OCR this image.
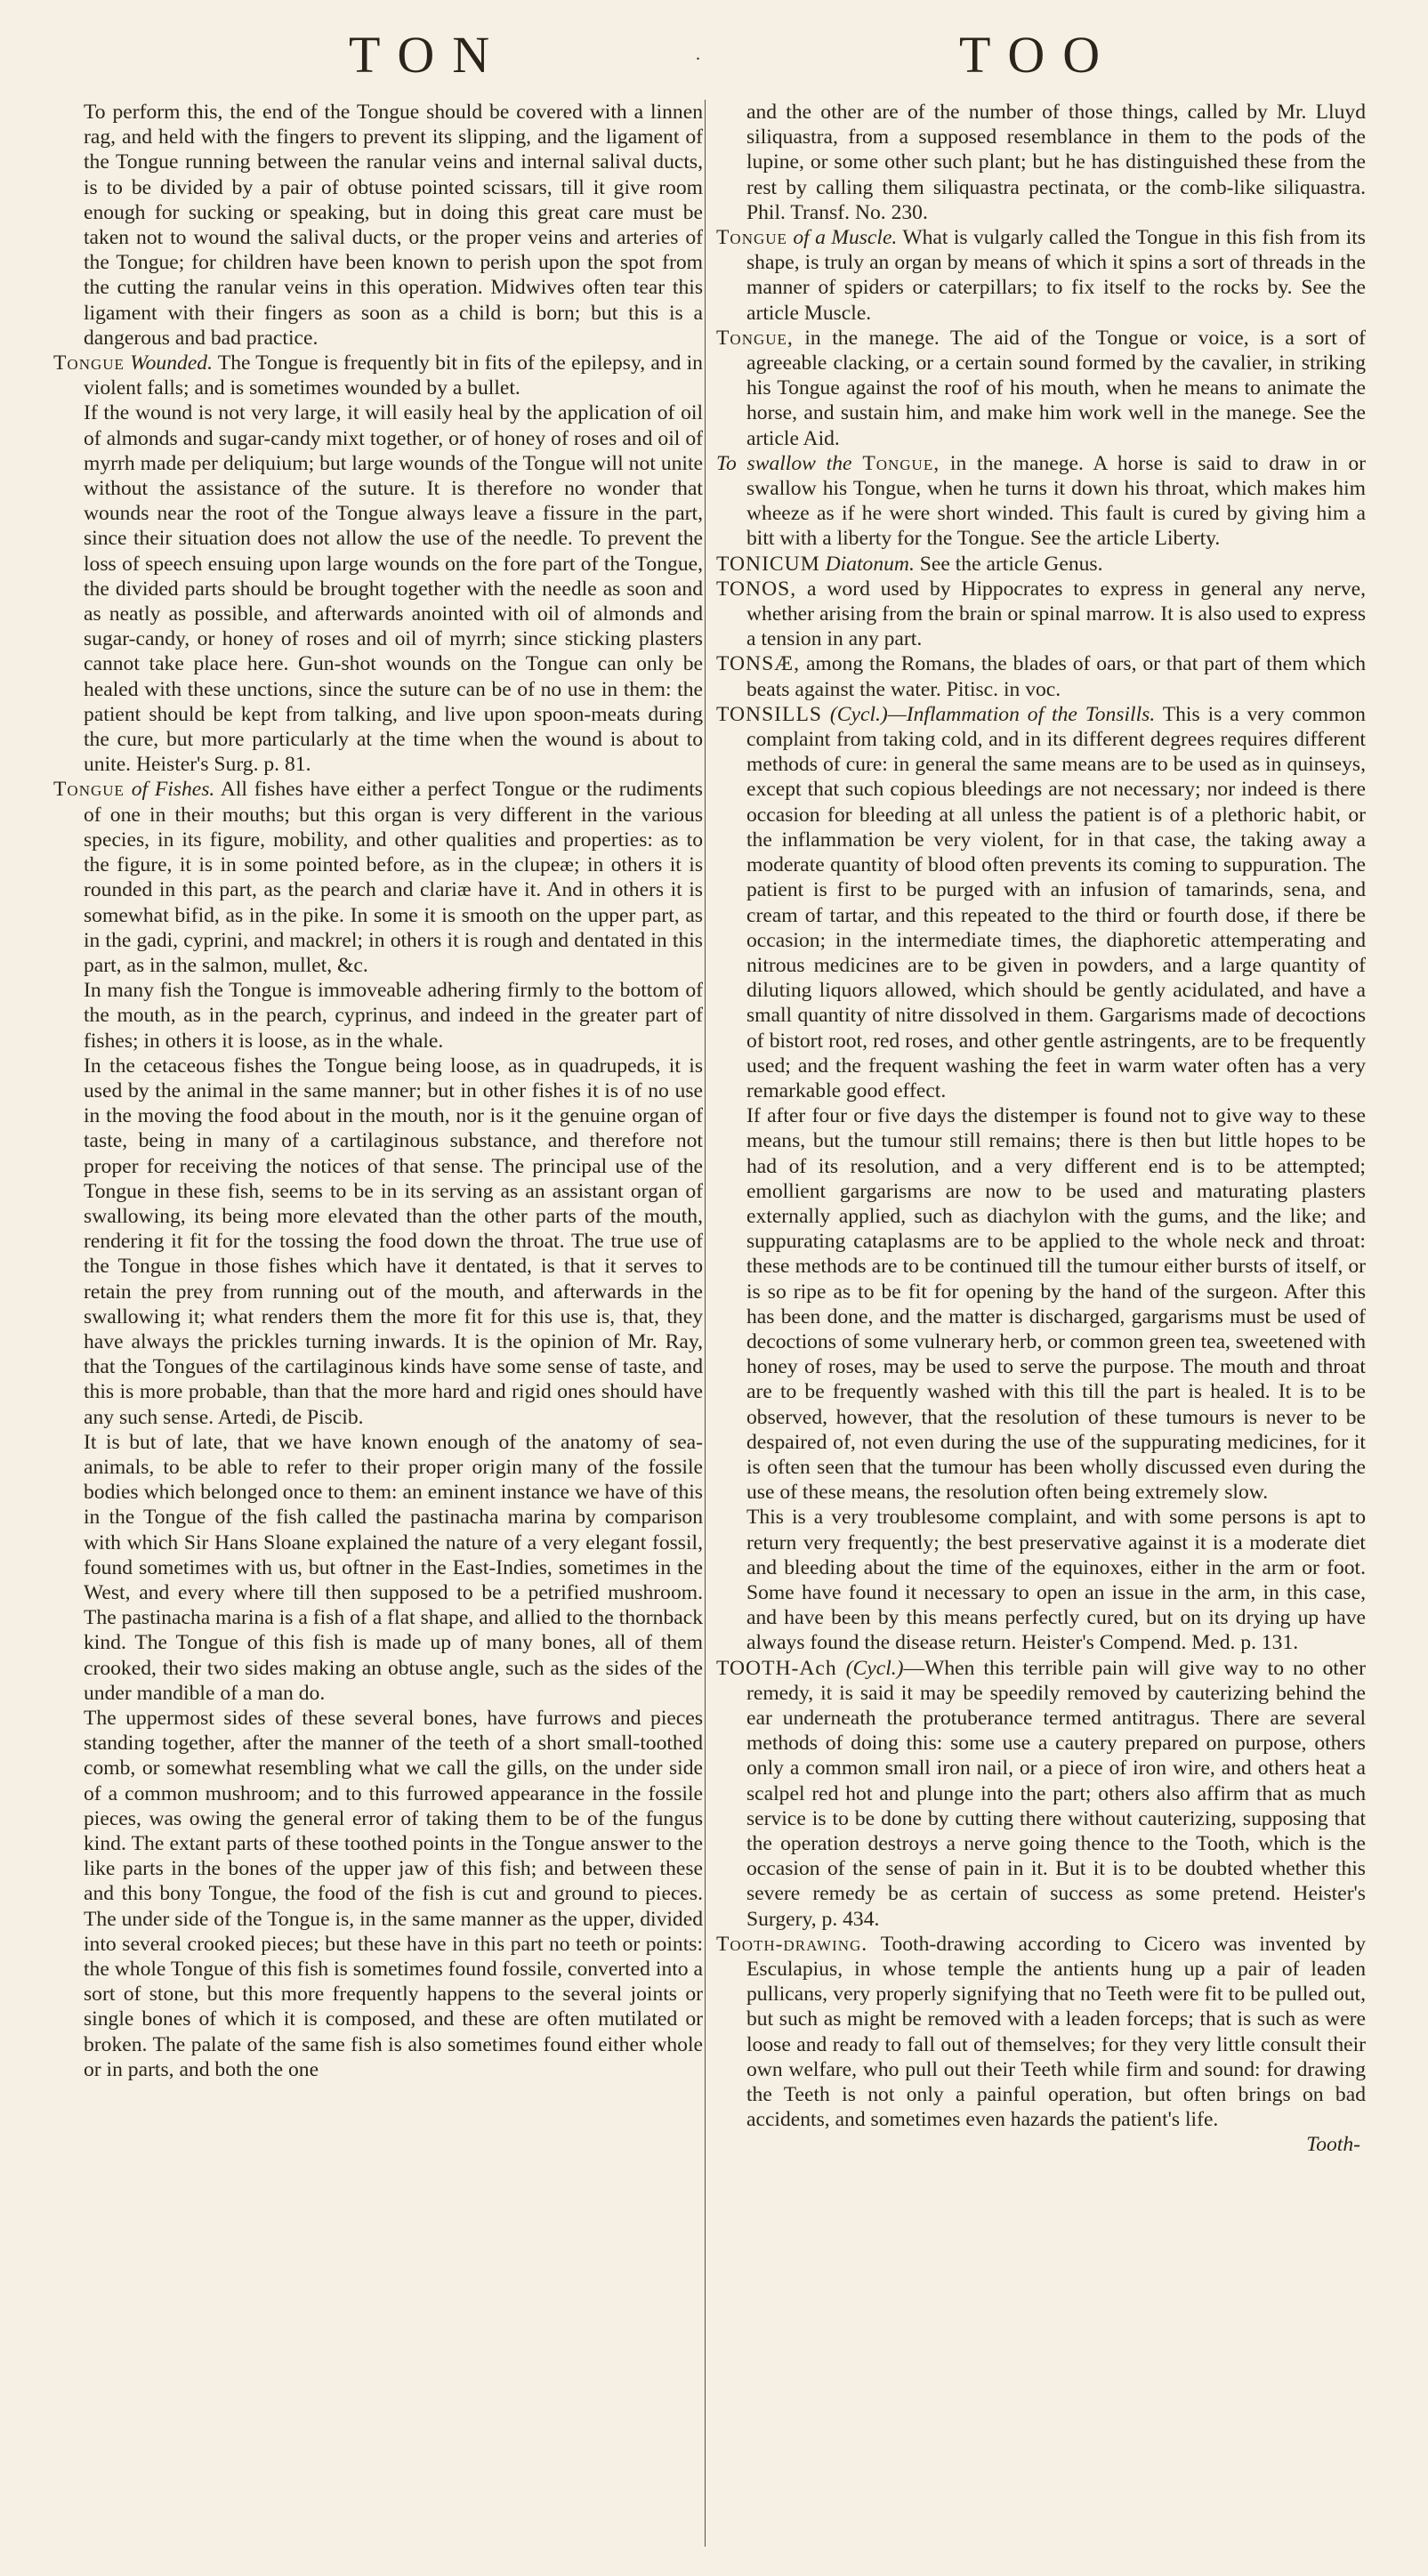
TON	.	TOO

To perform this, the end of the Tongue should be covered with a linnen rag, and held with the fingers to prevent its slipping, and the ligament of the Tongue running between the ranular veins and internal salival ducts, is to be divided by a pair of obtuse pointed scissars, till it give room enough for sucking or speaking, but in doing this great care must be taken not to wound the salival ducts, or the proper veins and arteries of the Tongue; for children have been known to perish upon the spot from the cutting the ranular veins in this operation. Midwives often tear this ligament with their fingers as soon as a child is born; but this is a dangerous and bad practice.

Tongue Wounded. The Tongue is frequently bit in fits of the epilepsy, and in violent falls; and is sometimes wounded by a bullet.

If the wound is not very large, it will easily heal by the application of oil of almonds and sugar-candy mixt together, or of honey of roses and oil of myrrh made per deliquium; but large wounds of the Tongue will not unite without the assistance of the suture. It is therefore no wonder that wounds near the root of the Tongue always leave a fissure in the part, since their situation does not allow the use of the needle. To prevent the loss of speech ensuing upon large wounds on the fore part of the Tongue, the divided parts should be brought together with the needle as soon and as neatly as possible, and afterwards anointed with oil of almonds and sugar-candy, or honey of roses and oil of myrrh; since sticking plasters cannot take place here. Gun-shot wounds on the Tongue can only be healed with these unctions, since the suture can be of no use in them: the patient should be kept from talking, and live upon spoon-meats during the cure, but more particularly at the time when the wound is about to unite. Heister's Surg. p. 81.

Tongue of Fishes. All fishes have either a perfect Tongue or the rudiments of one in their mouths; but this organ is very different in the various species, in its figure, mobility, and other qualities and properties: as to the figure, it is in some pointed before, as in the clupeæ; in others it is rounded in this part, as the pearch and clariæ have it. And in others it is somewhat bifid, as in the pike. In some it is smooth on the upper part, as in the gadi, cyprini, and mackrel; in others it is rough and dentated in this part, as in the salmon, mullet, &c.

In many fish the Tongue is immoveable adhering firmly to the bottom of the mouth, as in the pearch, cyprinus, and indeed in the greater part of fishes; in others it is loose, as in the whale.

In the cetaceous fishes the Tongue being loose, as in quadrupeds, it is used by the animal in the same manner; but in other fishes it is of no use in the moving the food about in the mouth, nor is it the genuine organ of taste, being in many of a cartilaginous substance, and therefore not proper for receiving the notices of that sense. The principal use of the Tongue in these fish, seems to be in its serving as an assistant organ of swallowing, its being more elevated than the other parts of the mouth, rendering it fit for the tossing the food down the throat. The true use of the Tongue in those fishes which have it dentated, is that it serves to retain the prey from running out of the mouth, and afterwards in the swallowing it; what renders them the more fit for this use is, that, they have always the prickles turning inwards. It is the opinion of Mr. Ray, that the Tongues of the cartilaginous kinds have some sense of taste, and this is more probable, than that the more hard and rigid ones should have any such sense. Artedi, de Piscib.

It is but of late, that we have known enough of the anatomy of sea-animals, to be able to refer to their proper origin many of the fossile bodies which belonged once to them: an eminent instance we have of this in the Tongue of the fish called the pastinacha marina by comparison with which Sir Hans Sloane explained the nature of a very elegant fossil, found sometimes with us, but oftner in the East-Indies, sometimes in the West, and every where till then supposed to be a petrified mushroom. The pastinacha marina is a fish of a flat shape, and allied to the thornback kind. The Tongue of this fish is made up of many bones, all of them crooked, their two sides making an obtuse angle, such as the sides of the under mandible of a man do.

The uppermost sides of these several bones, have furrows and pieces standing together, after the manner of the teeth of a short small-toothed comb, or somewhat resembling what we call the gills, on the under side of a common mushroom; and to this furrowed appearance in the fossile pieces, was owing the general error of taking them to be of the fungus kind. The extant parts of these toothed points in the Tongue answer to the like parts in the bones of the upper jaw of this fish; and between these and this bony Tongue, the food of the fish is cut and ground to pieces. The under side of the Tongue is, in the same manner as the upper, divided into several crooked pieces; but these have in this part no teeth or points: the whole Tongue of this fish is sometimes found fossile, converted into a sort of stone, but this more frequently happens to the several joints or single bones of which it is composed, and these are often mutilated or broken. The palate of the same fish is also sometimes found either whole or in parts, and both the one

and the other are of the number of those things, called by Mr. Lluyd siliquastra, from a supposed resemblance in them to the pods of the lupine, or some other such plant; but he has distinguished these from the rest by calling them siliquastra pectinata, or the comb-like siliquastra. Phil. Transf. No. 230.

Tongue of a Muscle. What is vulgarly called the Tongue in this fish from its shape, is truly an organ by means of which it spins a sort of threads in the manner of spiders or caterpillars; to fix itself to the rocks by. See the article Muscle.

Tongue, in the manege. The aid of the Tongue or voice, is a sort of agreeable clacking, or a certain sound formed by the cavalier, in striking his Tongue against the roof of his mouth, when he means to animate the horse, and sustain him, and make him work well in the manege. See the article Aid.

To swallow the Tongue, in the manege. A horse is said to draw in or swallow his Tongue, when he turns it down his throat, which makes him wheeze as if he were short winded. This fault is cured by giving him a bitt with a liberty for the Tongue. See the article Liberty.

TONICUM Diatonum. See the article Genus.

TONOS, a word used by Hippocrates to express in general any nerve, whether arising from the brain or spinal marrow. It is also used to express a tension in any part.

TONSÆ, among the Romans, the blades of oars, or that part of them which beats against the water. Pitisc. in voc.

TONSILLS (Cycl.)—Inflammation of the Tonsills. This is a very common complaint from taking cold, and in its different degrees requires different methods of cure: in general the same means are to be used as in quinseys, except that such copious bleedings are not necessary; nor indeed is there occasion for bleeding at all unless the patient is of a plethoric habit, or the inflammation be very violent, for in that case, the taking away a moderate quantity of blood often prevents its coming to suppuration. The patient is first to be purged with an infusion of tamarinds, sena, and cream of tartar, and this repeated to the third or fourth dose, if there be occasion; in the intermediate times, the diaphoretic attemperating and nitrous medicines are to be given in powders, and a large quantity of diluting liquors allowed, which should be gently acidulated, and have a small quantity of nitre dissolved in them. Gargarisms made of decoctions of bistort root, red roses, and other gentle astringents, are to be frequently used; and the frequent washing the feet in warm water often has a very remarkable good effect.

If after four or five days the distemper is found not to give way to these means, but the tumour still remains; there is then but little hopes to be had of its resolution, and a very different end is to be attempted; emollient gargarisms are now to be used and maturating plasters externally applied, such as diachylon with the gums, and the like; and suppurating cataplasms are to be applied to the whole neck and throat: these methods are to be continued till the tumour either bursts of itself, or is so ripe as to be fit for opening by the hand of the surgeon. After this has been done, and the matter is discharged, gargarisms must be used of decoctions of some vulnerary herb, or common green tea, sweetened with honey of roses, may be used to serve the purpose. The mouth and throat are to be frequently washed with this till the part is healed. It is to be observed, however, that the resolution of these tumours is never to be despaired of, not even during the use of the suppurating medicines, for it is often seen that the tumour has been wholly discussed even during the use of these means, the resolution often being extremely slow.

This is a very troublesome complaint, and with some persons is apt to return very frequently; the best preservative against it is a moderate diet and bleeding about the time of the equinoxes, either in the arm or foot. Some have found it necessary to open an issue in the arm, in this case, and have been by this means perfectly cured, but on its drying up have always found the disease return. Heister's Compend. Med. p. 131.

TOOTH-Ach (Cycl.)—When this terrible pain will give way to no other remedy, it is said it may be speedily removed by cauterizing behind the ear underneath the protuberance termed antitragus. There are several methods of doing this: some use a cautery prepared on purpose, others only a common small iron nail, or a piece of iron wire, and others heat a scalpel red hot and plunge into the part; others also affirm that as much service is to be done by cutting there without cauterizing, supposing that the operation destroys a nerve going thence to the Tooth, which is the occasion of the sense of pain in it. But it is to be doubted whether this severe remedy be as certain of success as some pretend. Heister's Surgery, p. 434.

Tooth-drawing. Tooth-drawing according to Cicero was invented by Esculapius, in whose temple the antients hung up a pair of leaden pullicans, very properly signifying that no Teeth were fit to be pulled out, but such as might be removed with a leaden forceps; that is such as were loose and ready to fall out of themselves; for they very little consult their own welfare, who pull out their Teeth while firm and sound: for drawing the Teeth is not only a painful operation, but often brings on bad accidents, and sometimes even hazards the patient's life.

Tooth-
